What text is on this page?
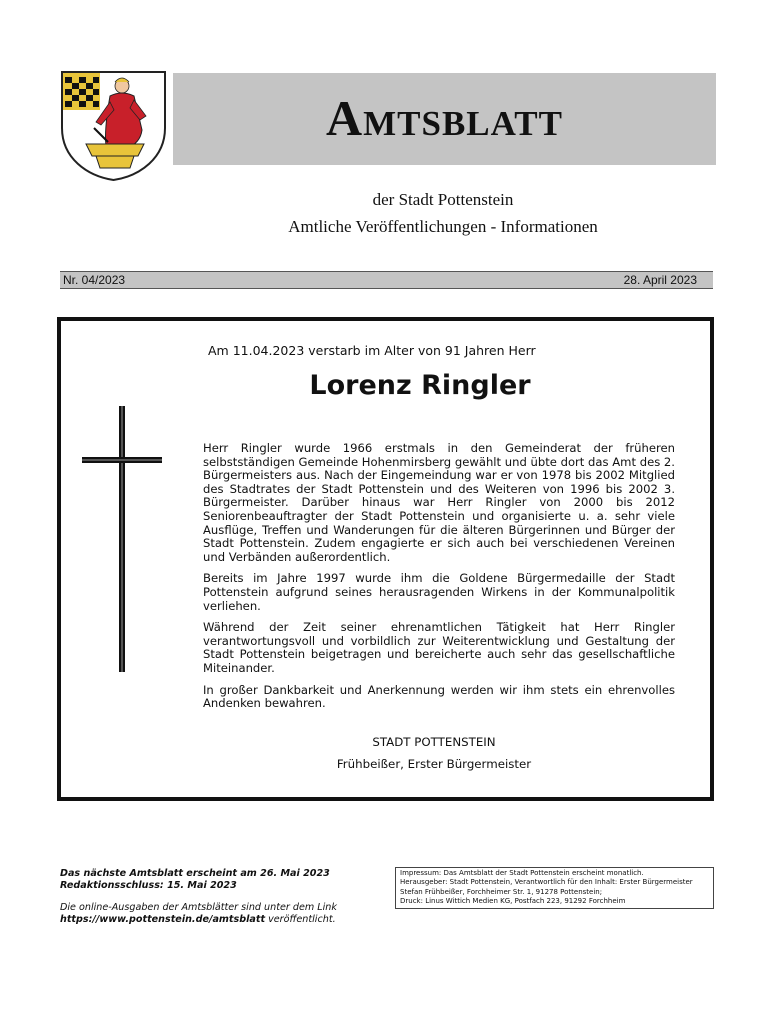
Amtsblatt
der Stadt Pottenstein
Amtliche Veröffentlichungen - Informationen
Nr. 04/2023	28. April 2023
Am 11.04.2023 verstarb im Alter von 91 Jahren Herr
Lorenz Ringler

Herr Ringler wurde 1966 erstmals in den Gemeinderat der früheren selbstständigen Gemeinde Hohenmirsberg gewählt und übte dort das Amt des 2. Bürgermeisters aus. Nach der Eingemeindung war er von 1978 bis 2002 Mitglied des Stadtrates der Stadt Pottenstein und des Weiteren von 1996 bis 2002 3. Bürgermeister. Darüber hinaus war Herr Ringler von 2000 bis 2012 Seniorenbeauftragter der Stadt Pottenstein und organisierte u. a. sehr viele Ausflüge, Treffen und Wanderungen für die älteren Bürgerinnen und Bürger der Stadt Pottenstein. Zudem engagierte er sich auch bei verschiedenen Vereinen und Verbänden außerordentlich.

Bereits im Jahre 1997 wurde ihm die Goldene Bürgermedaille der Stadt Pottenstein aufgrund seines herausragenden Wirkens in der Kommunalpolitik verliehen.

Während der Zeit seiner ehrenamtlichen Tätigkeit hat Herr Ringler verantwortungsvoll und vorbildlich zur Weiterentwicklung und Gestaltung der Stadt Pottenstein beigetragen und bereicherte auch sehr das gesellschaftliche Miteinander.

In großer Dankbarkeit und Anerkennung werden wir ihm stets ein ehrenvolles Andenken bewahren.

STADT POTTENSTEIN
Frühbeißer, Erster Bürgermeister

Das nächste Amtsblatt erscheint am 26. Mai 2023
Redaktionsschluss: 15. Mai 2023

Die online-Ausgaben der Amtsblätter sind unter dem Link
https://www.pottenstein.de/amtsblatt veröffentlicht.

Impressum: Das Amtsblatt der Stadt Pottenstein erscheint monatlich.
Herausgeber: Stadt Pottenstein, Verantwortlich für den Inhalt: Erster Bürgermeister
Stefan Frühbeißer, Forchheimer Str. 1, 91278 Pottenstein;
Druck: Linus Wittich Medien KG, Postfach 223, 91292 Forchheim
